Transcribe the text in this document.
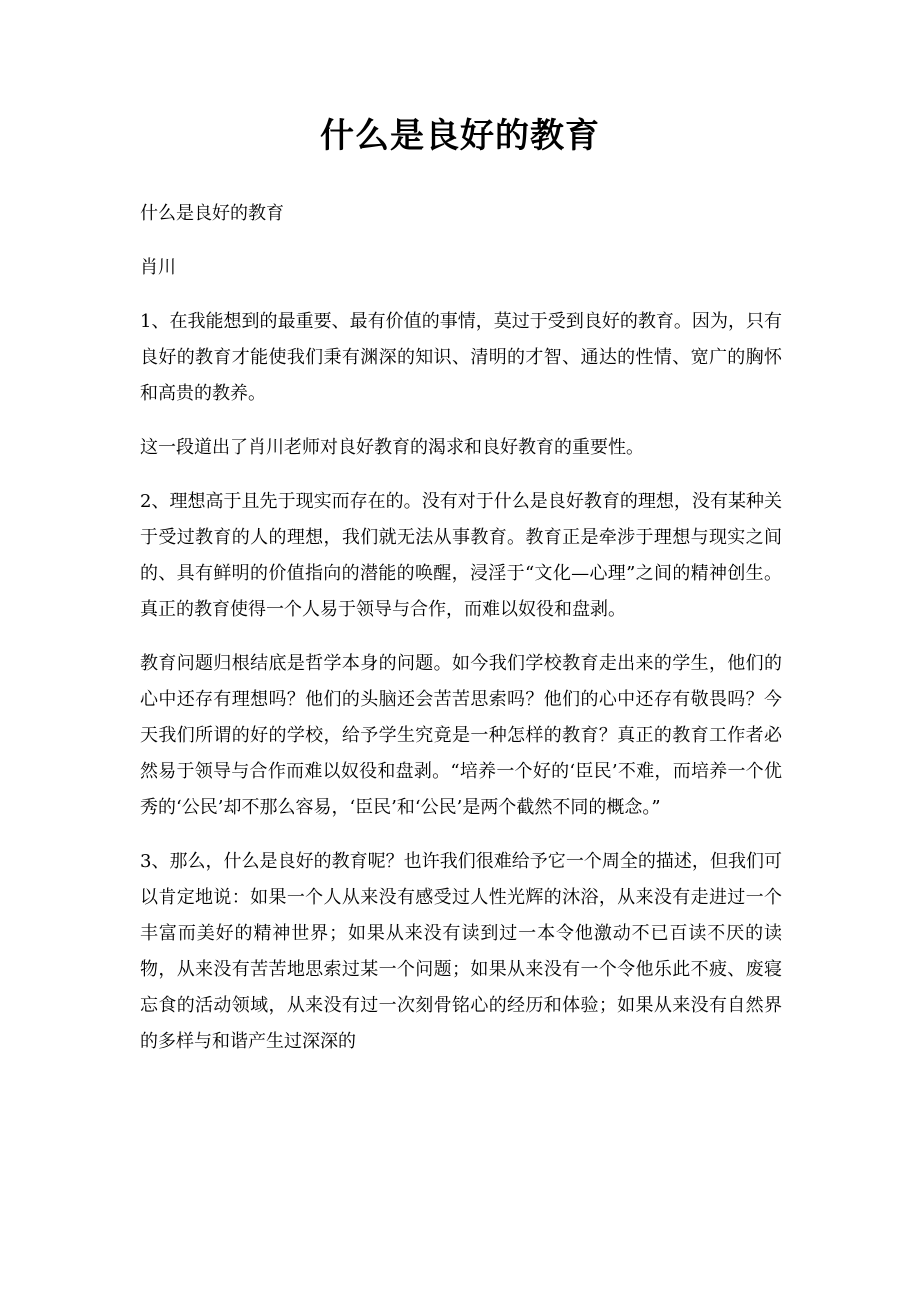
什么是良好的教育

什么是良好的教育

肖川

1、在我能想到的最重要、最有价值的事情，莫过于受到良好的教育。因为，只有良好的教育才能使我们秉有渊深的知识、清明的才智、通达的性情、宽广的胸怀和高贵的教养。

这一段道出了肖川老师对良好教育的渴求和良好教育的重要性。

2、理想高于且先于现实而存在的。没有对于什么是良好教育的理想，没有某种关于受过教育的人的理想，我们就无法从事教育。教育正是牵涉于理想与现实之间的、具有鲜明的价值指向的潜能的唤醒，浸淫于“文化—心理”之间的精神创生。真正的教育使得一个人易于领导与合作，而难以奴役和盘剥。

教育问题归根结底是哲学本身的问题。如今我们学校教育走出来的学生，他们的心中还存有理想吗？他们的头脑还会苦苦思索吗？他们的心中还存有敬畏吗？今天我们所谓的好的学校，给予学生究竟是一种怎样的教育？真正的教育工作者必然易于领导与合作而难以奴役和盘剥。“培养一个好的‘臣民’不难，而培养一个优秀的‘公民’却不那么容易，‘臣民’和‘公民’是两个截然不同的概念。”

3、那么，什么是良好的教育呢？也许我们很难给予它一个周全的描述，但我们可以肯定地说：如果一个人从来没有感受过人性光辉的沐浴，从来没有走进过一个丰富而美好的精神世界；如果从来没有读到过一本令他激动不已百读不厌的读物，从来没有苦苦地思索过某一个问题；如果从来没有一个令他乐此不疲、废寝忘食的活动领域，从来没有过一次刻骨铭心的经历和体验；如果从来没有自然界的多样与和谐产生过深深的
